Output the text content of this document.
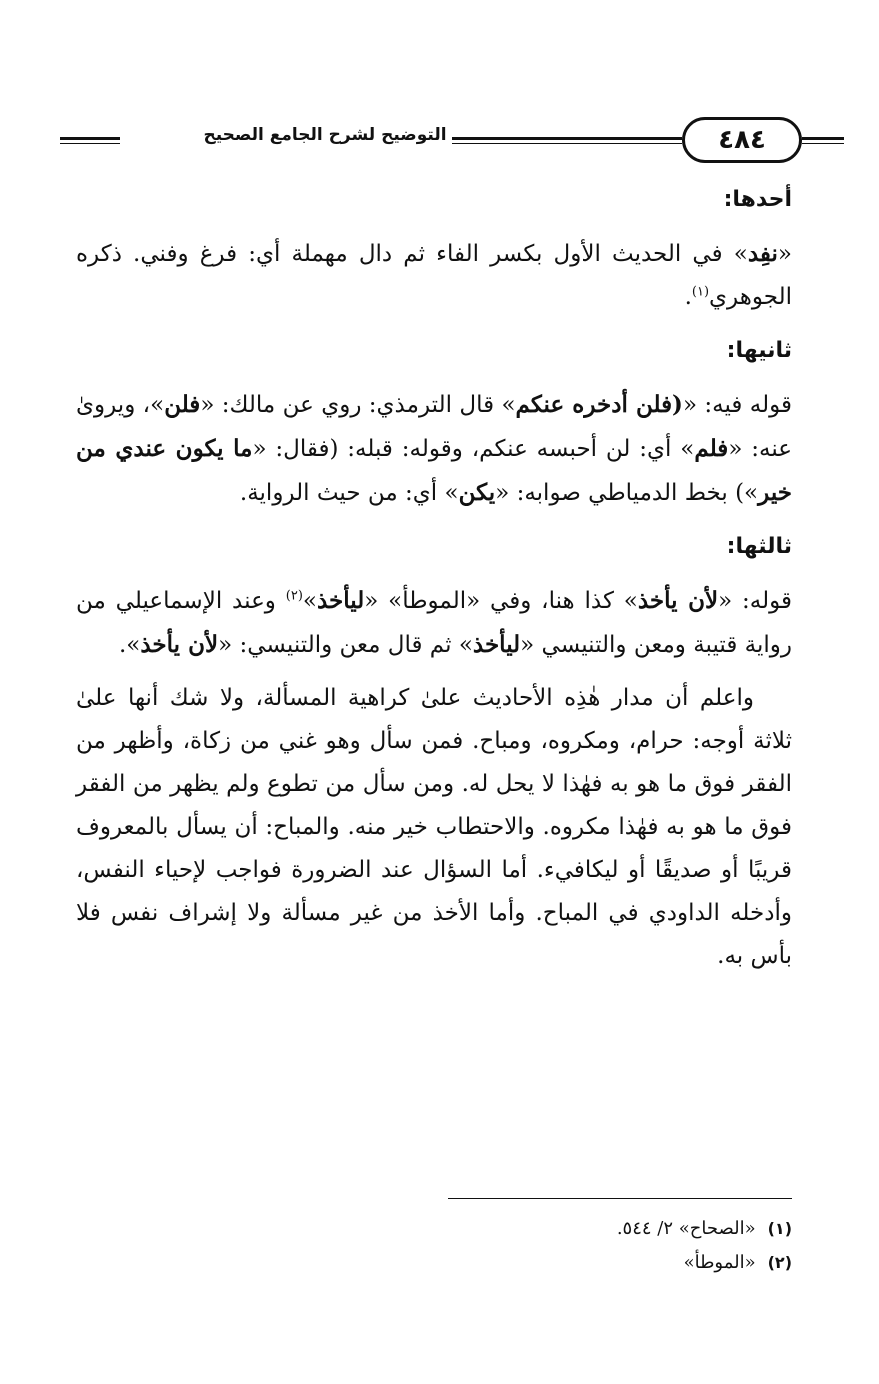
التوضيح لشرح الجامع الصحيح	٤٨٤

أحدها:

«نفِد» في الحديث الأول بكسر الفاء ثم دال مهملة أي: فرغ وفني. ذكره الجوهري$^{(١)}$.

ثانيها:

قوله فيه: «(فلن أدخره عنكم» قال الترمذي: روي عن مالك: «فلن»، ويروىٰ عنه: «فلم» أي: لن أحبسه عنكم، وقوله: قبله: (فقال: «ما يكون عندي من خير») بخط الدمياطي صوابه: «يكن» أي: من حيث الرواية.

ثالثها:

قوله: «لأن يأخذ» كذا هنا، وفي «الموطأ» «ليأخذ»$^{(٢)}$ وعند الإسماعيلي من رواية قتيبة ومعن والتنيسي «ليأخذ» ثم قال معن والتنيسي: «لأن يأخذ».

واعلم أن مدار هٰذِه الأحاديث علىٰ كراهية المسألة، ولا شك أنها علىٰ ثلاثة أوجه: حرام، ومكروه، ومباح. فمن سأل وهو غني من زكاة، وأظهر من الفقر فوق ما هو به فهٰذا لا يحل له. ومن سأل من تطوع ولم يظهر من الفقر فوق ما هو به فهٰذا مكروه. والاحتطاب خير منه. والمباح: أن يسأل بالمعروف قريبًا أو صديقًا أو ليكافيء. أما السؤال عند الضرورة فواجب لإحياء النفس، وأدخله الداودي في المباح. وأما الأخذ من غير مسألة ولا إشراف نفس فلا بأس به.

(١)«الصحاح» ٢/ ٥٤٤.

(٢)«الموطأ»
